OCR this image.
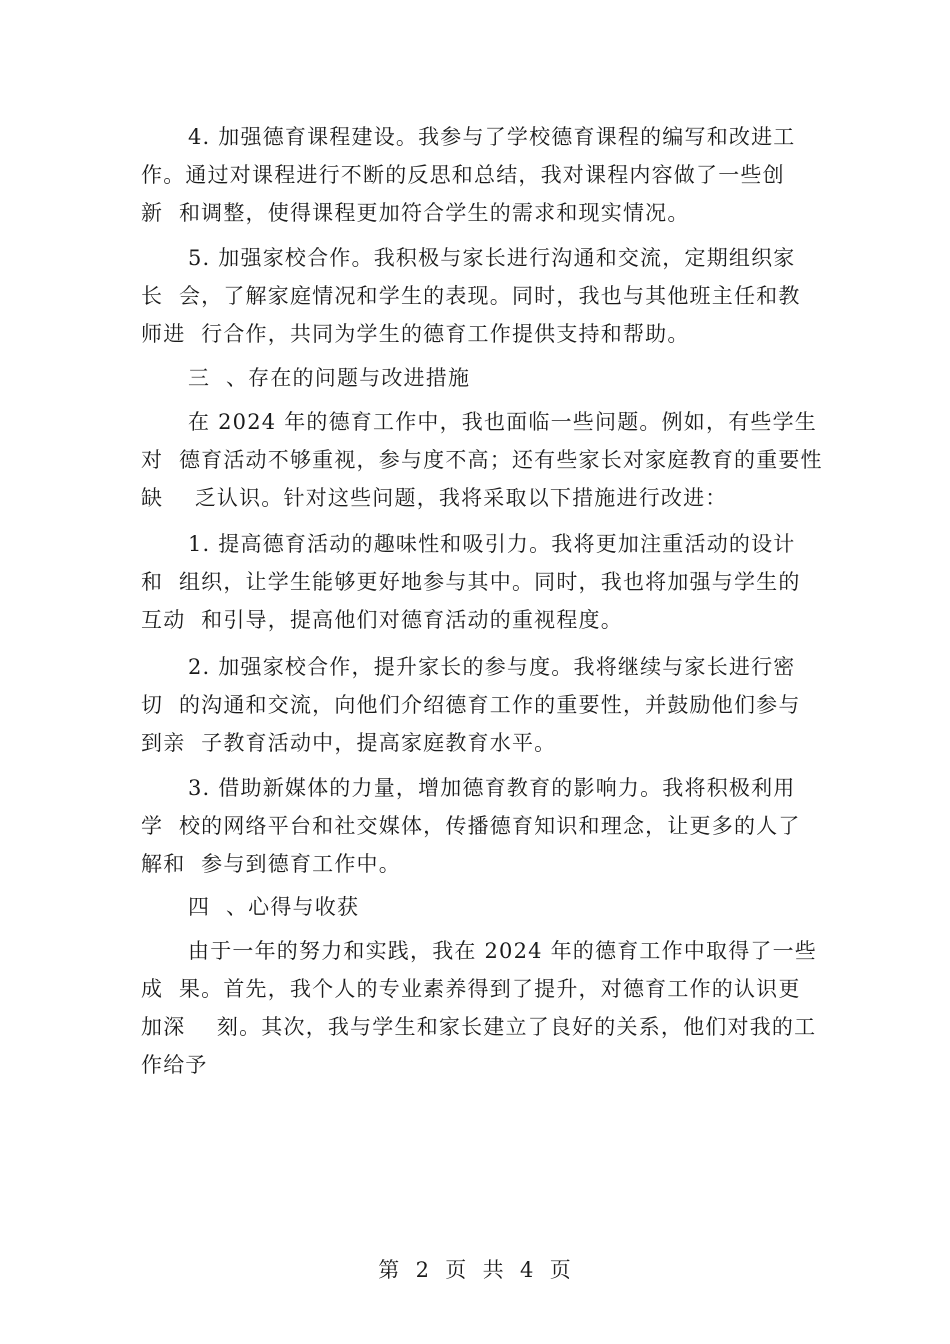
4. 加强德育课程建设。我参与了学校德育课程的编写和改进工
作。通过对课程进行不断的反思和总结，我对课程内容做了一些创
新  和调整，使得课程更加符合学生的需求和现实情况。
5. 加强家校合作。我积极与家长进行沟通和交流，定期组织家
长  会，了解家庭情况和学生的表现。同时，我也与其他班主任和教
师进  行合作，共同为学生的德育工作提供支持和帮助。
三  、存在的问题与改进措施
在 2024 年的德育工作中，我也面临一些问题。例如，有些学生
对  德育活动不够重视，参与度不高；还有些家长对家庭教育的重要性
缺    乏认识。针对这些问题，我将采取以下措施进行改进：
1. 提高德育活动的趣味性和吸引力。我将更加注重活动的设计
和  组织，让学生能够更好地参与其中。同时，我也将加强与学生的
互动  和引导，提高他们对德育活动的重视程度。
2. 加强家校合作，提升家长的参与度。我将继续与家长进行密
切  的沟通和交流，向他们介绍德育工作的重要性，并鼓励他们参与
到亲  子教育活动中，提高家庭教育水平。
3. 借助新媒体的力量，增加德育教育的影响力。我将积极利用
学  校的网络平台和社交媒体，传播德育知识和理念，让更多的人了
解和  参与到德育工作中。
四  、心得与收获
由于一年的努力和实践，我在 2024 年的德育工作中取得了一些
成  果。首先，我个人的专业素养得到了提升，对德育工作的认识更
加深    刻。其次，我与学生和家长建立了良好的关系，他们对我的工
作给予
第  2  页  共  4  页
